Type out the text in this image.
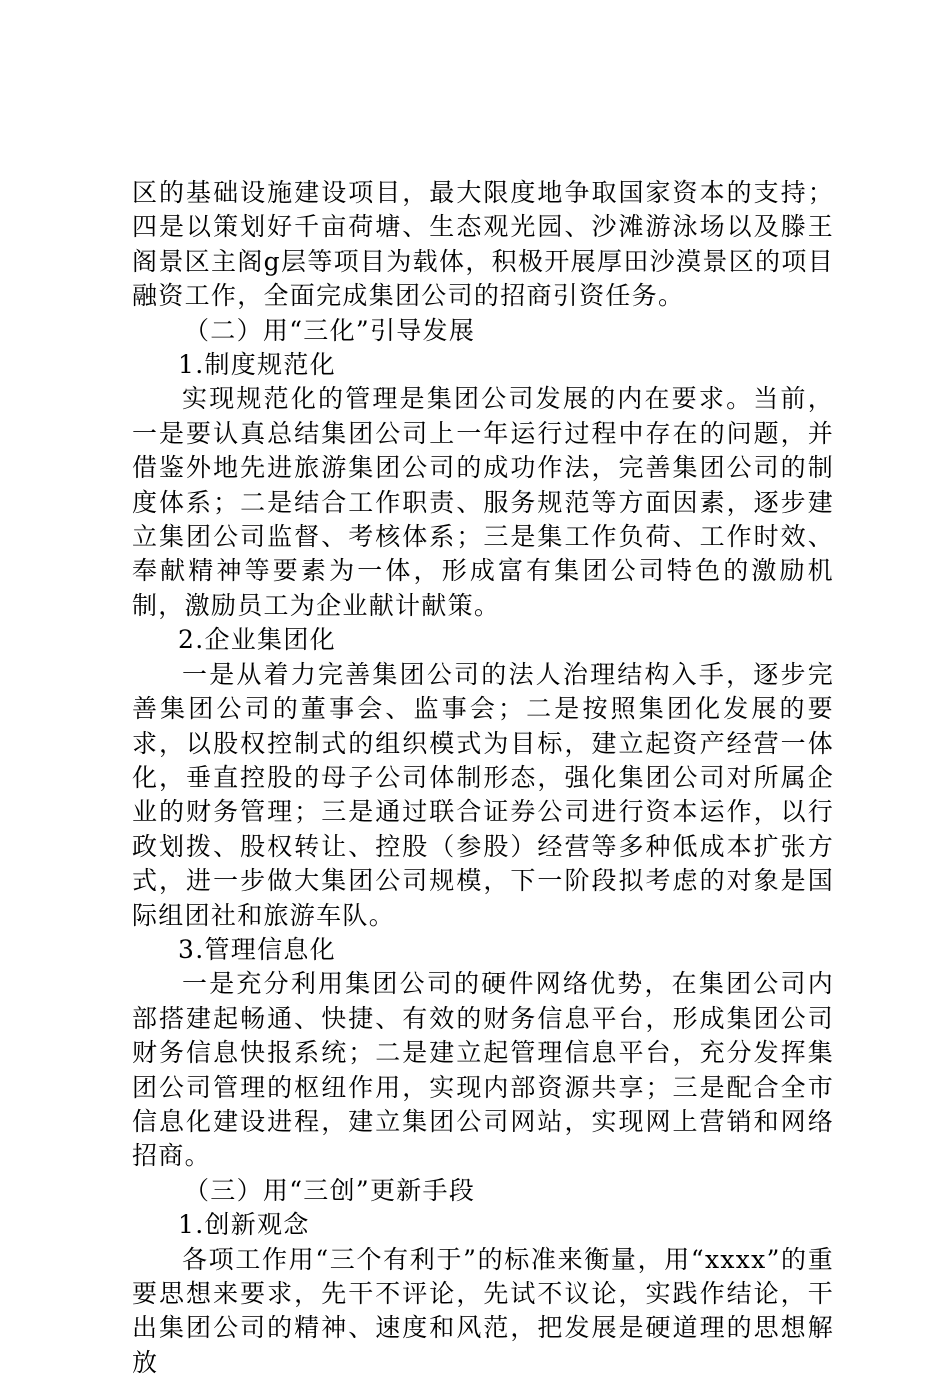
区的基础设施建设项目，最大限度地争取国家资本的支持；四是以策划好千亩荷塘、生态观光园、沙滩游泳场以及滕王阁景区主阁g层等项目为载体，积极开展厚田沙漠景区的项目融资工作，全面完成集团公司的招商引资任务。

（二）用“三化”引导发展

1.制度规范化

实现规范化的管理是集团公司发展的内在要求。当前，一是要认真总结集团公司上一年运行过程中存在的问题，并借鉴外地先进旅游集团公司的成功作法，完善集团公司的制度体系；二是结合工作职责、服务规范等方面因素，逐步建立集团公司监督、考核体系；三是集工作负荷、工作时效、奉献精神等要素为一体，形成富有集团公司特色的激励机制，激励员工为企业献计献策。

2.企业集团化

一是从着力完善集团公司的法人治理结构入手，逐步完善集团公司的董事会、监事会；二是按照集团化发展的要求，以股权控制式的组织模式为目标，建立起资产经营一体化，垂直控股的母子公司体制形态，强化集团公司对所属企业的财务管理；三是通过联合证券公司进行资本运作，以行政划拨、股权转让、控股（参股）经营等多种低成本扩张方式，进一步做大集团公司规模，下一阶段拟考虑的对象是国际组团社和旅游车队。

3.管理信息化

一是充分利用集团公司的硬件网络优势，在集团公司内部搭建起畅通、快捷、有效的财务信息平台，形成集团公司财务信息快报系统；二是建立起管理信息平台，充分发挥集团公司管理的枢纽作用，实现内部资源共享；三是配合全市信息化建设进程，建立集团公司网站，实现网上营销和网络招商。

（三）用“三创”更新手段

1.创新观念

各项工作用“三个有利于”的标准来衡量，用“xxxx”的重要思想来要求，先干不评论，先试不议论，实践作结论，干出集团公司的精神、速度和风范，把发展是硬道理的思想解放
